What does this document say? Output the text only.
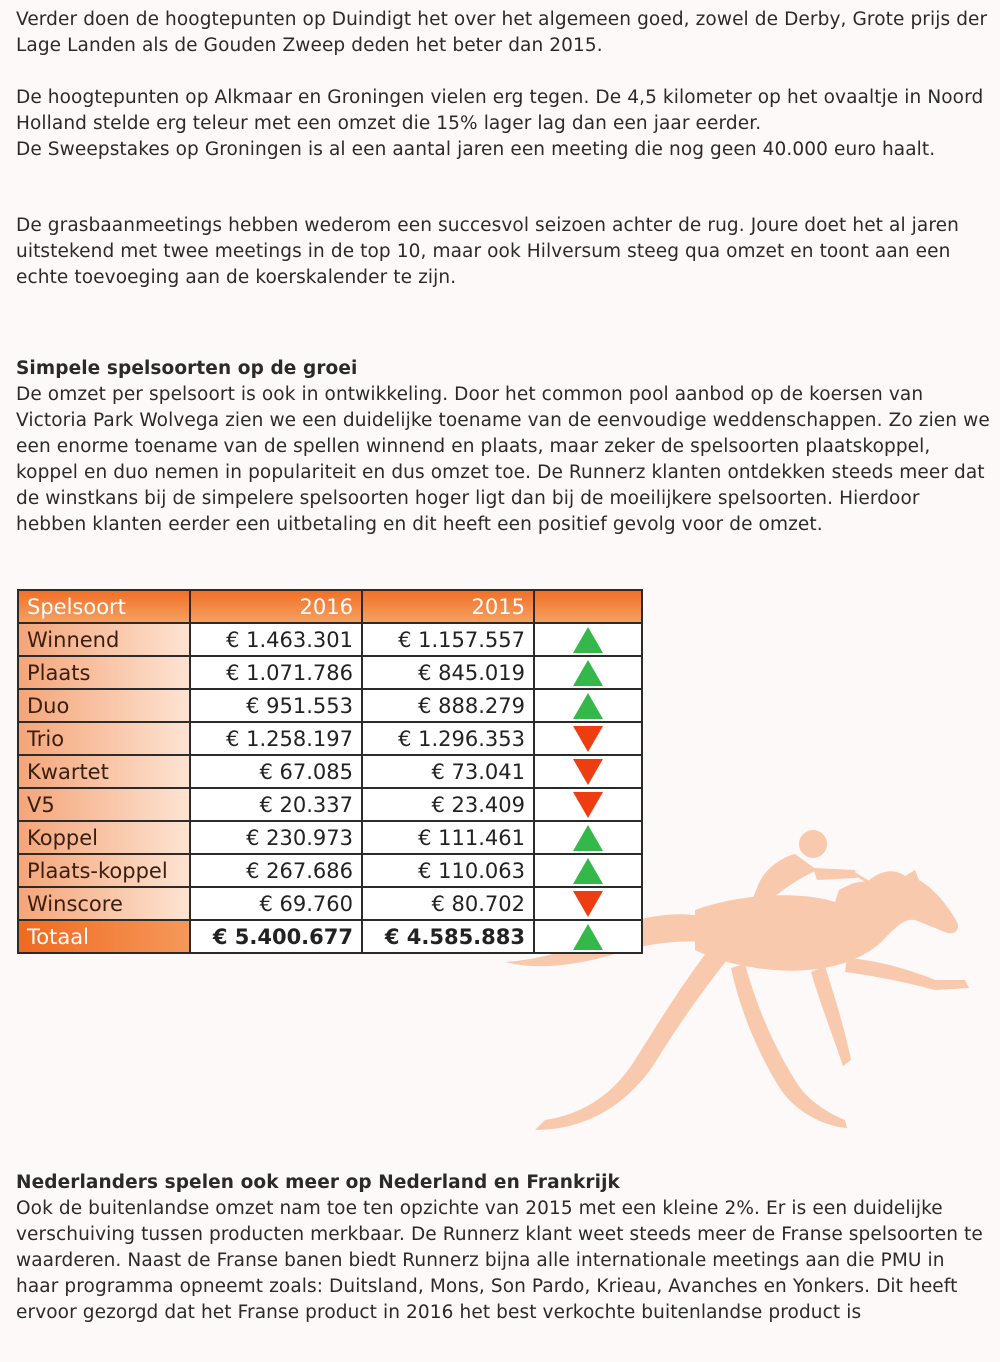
Verder doen de hoogtepunten op Duindigt het over het algemeen goed, zowel de Derby, Grote prijs der Lage Landen als de Gouden Zweep deden het beter dan 2015.

De hoogtepunten op Alkmaar en Groningen vielen erg tegen. De 4,5 kilometer op het ovaaltje in Noord Holland stelde erg teleur met een omzet die 15% lager lag dan een jaar eerder.
De Sweepstakes op Groningen is al een aantal jaren een meeting die nog geen 40.000 euro haalt.

De grasbaanmeetings hebben wederom een succesvol seizoen achter de rug. Joure doet het al jaren uitstekend met twee meetings in de top 10, maar ook Hilversum steeg qua omzet en toont aan een echte toevoeging aan de koerskalender te zijn.

Simpele spelsoorten op de groei
De omzet per spelsoort is ook in ontwikkeling. Door het common pool aanbod op de koersen van Victoria Park Wolvega zien we een duidelijke toename van de eenvoudige weddenschappen. Zo zien we een enorme toename van de spellen winnend en plaats, maar zeker de spelsoorten plaatskoppel, koppel en duo nemen in populariteit en dus omzet toe. De Runnerz klanten ontdekken steeds meer dat de winstkans bij de simpelere spelsoorten hoger ligt dan bij de moeilijkere spelsoorten. Hierdoor hebben klanten eerder een uitbetaling en dit heeft een positief gevolg voor de omzet.
Spelsoort	2016	2015	
Winnend	€ 1.463.301	€ 1.157.557	
Plaats	€ 1.071.786	€ 845.019	
Duo	€ 951.553	€ 888.279	
Trio	€ 1.258.197	€ 1.296.353	
Kwartet	€ 67.085	€ 73.041	
V5	€ 20.337	€ 23.409	
Koppel	€ 230.973	€ 111.461	
Plaats-koppel	€ 267.686	€ 110.063	
Winscore	€ 69.760	€ 80.702	
Totaal	€ 5.400.677	€ 4.585.883	
Nederlanders spelen ook meer op Nederland en Frankrijk
Ook de buitenlandse omzet nam toe ten opzichte van 2015 met een kleine 2%. Er is een duidelijke verschuiving tussen producten merkbaar. De Runnerz klant weet steeds meer de Franse spelsoorten te waarderen. Naast de Franse banen biedt Runnerz bijna alle internationale meetings aan die PMU in haar programma opneemt zoals: Duitsland, Mons, Son Pardo, Krieau, Avanches en Yonkers. Dit heeft ervoor gezorgd dat het Franse product in 2016 het best verkochte buitenlandse product is
